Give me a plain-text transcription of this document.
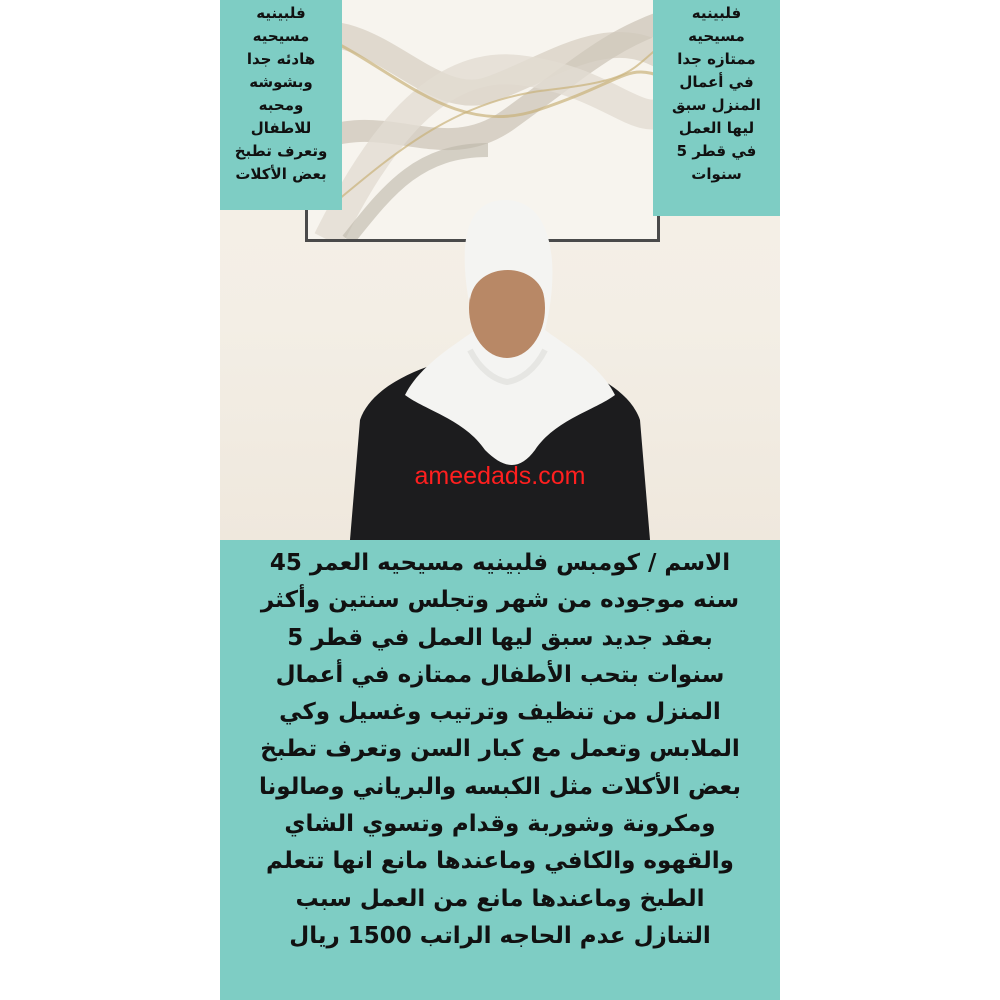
ameedads.com
فلبينيه
مسيحيه
هادئه جدا
وبشوشه
ومحبه
للاطفال
وتعرف تطبخ
بعض الأكلات
فلبينيه
مسيحيه
ممتازه جدا
في أعمال
المنزل سبق
ليها العمل
في قطر 5
سنوات
الاسم / كومبس فلبينيه مسيحيه العمر 45
سنه موجوده من شهر وتجلس سنتين وأكثر
بعقد جديد سبق ليها العمل في قطر 5
سنوات بتحب الأطفال ممتازه في أعمال
المنزل من تنظيف وترتيب وغسيل وكي
الملابس وتعمل مع كبار السن وتعرف تطبخ
بعض الأكلات مثل الكبسه والبرياني وصالونا
ومكرونة وشوربة وقدام وتسوي الشاي
والقهوه والكافي وماعندها مانع انها تتعلم
الطبخ وماعندها مانع من العمل سبب
التنازل عدم الحاجه الراتب 1500 ريال
